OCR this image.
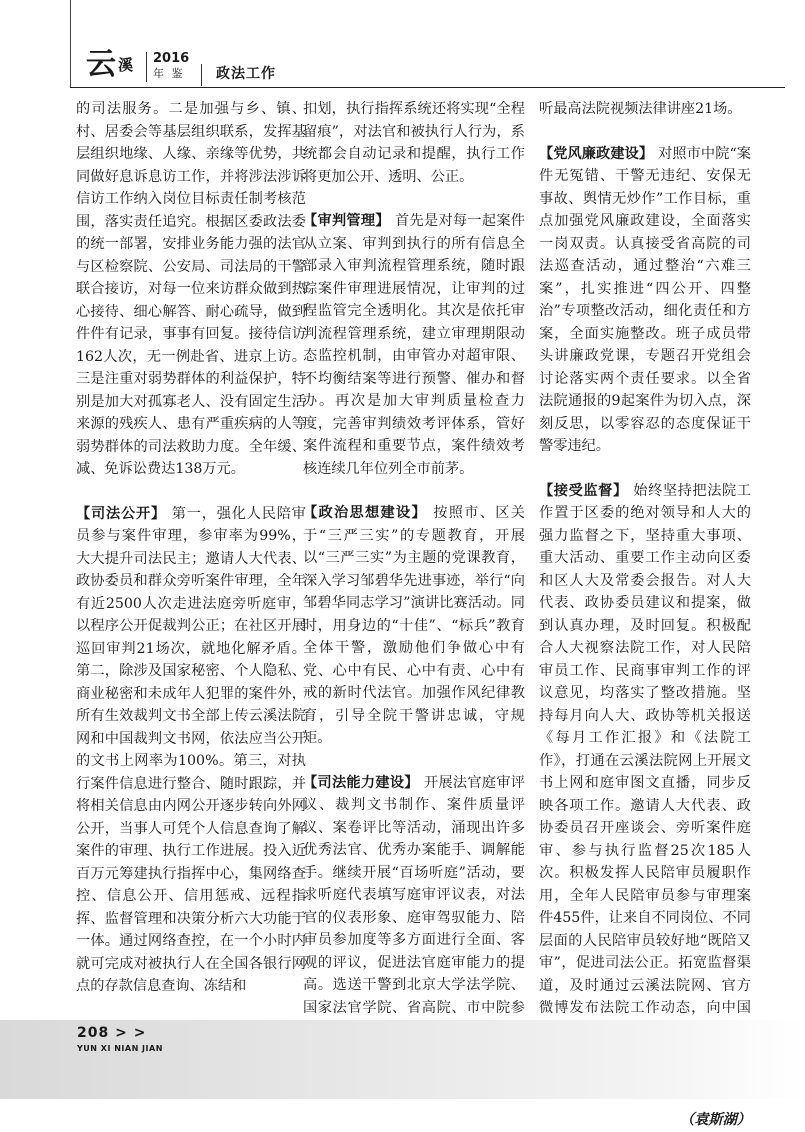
云溪 2016
年 鉴	政法工作

的司法服务。二是加强与乡、镇、村、居委会等基层组织联系，发挥基层组织地缘、人缘、亲缘等优势，共同做好息诉息访工作，并将涉法涉诉信访工作纳入岗位目标责任制考核范围，落实责任追究。根据区委政法委的统一部署，安排业务能力强的法官与区检察院、公安局、司法局的干警联合接访，对每一位来访群众做到热心接待、细心解答、耐心疏导，做到件件有记录，事事有回复。接待信访162人次，无一例赴省、进京上访。三是注重对弱势群体的利益保护，特别是加大对孤寡老人、没有固定生活来源的残疾人、患有严重疾病的人等弱势群体的司法救助力度。全年缓、减、免诉讼费达138万元。

【司法公开】 第一，强化人民陪审员参与案件审理，参审率为99%，大大提升司法民主；邀请人大代表、政协委员和群众旁听案件审理，全年有近2500人次走进法庭旁听庭审，以程序公开促裁判公正；在社区开展巡回审判21场次，就地化解矛盾。第二，除涉及国家秘密、个人隐私、商业秘密和未成年人犯罪的案件外，所有生效裁判文书全部上传云溪法院网和中国裁判文书网，依法应当公开的文书上网率为100%。第三，对执行案件信息进行整合、随时跟踪，并将相关信息由内网公开逐步转向外网公开，当事人可凭个人信息查询了解案件的审理、执行工作进展。投入近百万元筹建执行指挥中心，集网络查控、信息公开、信用惩戒、远程指挥、监督管理和决策分析六大功能于一体。通过网络查控，在一个小时内就可完成对被执行人在全国各银行网点的存款信息查询、冻结和

扣划，执行指挥系统还将实现“全程留痕”，对法官和被执行人行为，系统都会自动记录和提醒，执行工作将更加公开、透明、公正。

【审判管理】 首先是对每一起案件从立案、审判到执行的所有信息全部录入审判流程管理系统，随时跟踪案件审理进展情况，让审判的过程监管完全透明化。其次是依托审判流程管理系统，建立审理期限动态监控机制，由审管办对超审限、不均衡结案等进行预警、催办和督办。再次是加大审判质量检查力度，完善审判绩效考评体系，管好案件流程和重要节点，案件绩效考核连续几年位列全市前茅。

【政治思想建设】 按照市、区关于“三严三实”的专题教育，开展以“三严三实”为主题的党课教育，深入学习邹碧华先进事迹，举行“向邹碧华同志学习”演讲比赛活动。同时，用身边的“十佳”、“标兵”教育全体干警，激励他们争做心中有党、心中有民、心中有责、心中有戒的新时代法官。加强作风纪律教育，引导全院干警讲忠诚，守规矩。

【司法能力建设】 开展法官庭审评议、裁判文书制作、案件质量评议、案卷评比等活动，涌现出许多优秀法官、优秀办案能手、调解能手。继续开展“百场听庭”活动，要求听庭代表填写庭审评议表，对法官的仪表形象、庭审驾驭能力、陪审员参加度等多方面进行全面、客观的评议，促进法官庭审能力的提高。选送干警到北京大学法学院、国家法官学院、省高院、市中院参

听最高法院视频法律讲座21场。

【党风廉政建设】 对照市中院“案件无冤错、干警无违纪、安保无事故、舆情无炒作”工作目标，重点加强党风廉政建设，全面落实一岗双责。认真接受省高院的司法巡查活动，通过整治“六难三案”，扎实推进“四公开、四整治”专项整改活动，细化责任和方案，全面实施整改。班子成员带头讲廉政党课，专题召开党组会讨论落实两个责任要求。以全省法院通报的9起案件为切入点，深刻反思，以零容忍的态度保证干警零违纪。

【接受监督】 始终坚持把法院工作置于区委的绝对领导和人大的强力监督之下，坚持重大事项、重大活动、重要工作主动向区委和区人大及常委会报告。对人大代表、政协委员建议和提案，做到认真办理，及时回复。积极配合人大视察法院工作，对人民陪审员工作、民商事审判工作的评议意见，均落实了整改措施。坚持每月向人大、政协等机关报送《每月工作汇报》和《法院工作》，打通在云溪法院网上开展文书上网和庭审图文直播，同步反映各项工作。邀请人大代表、政协委员召开座谈会、旁听案件庭审、参与执行监督25次185人次。积极发挥人民陪审员履职作用，全年人民陪审员参与审理案件455件，让来自不同岗位、不同层面的人民陪审员较好地“既陪又审”，促进司法公正。拓宽监督渠道，及时通过云溪法院网、官方微博发布法院工作动态，向中国

（袁斯湖）

208 > >
YUN XI NIAN JIAN
